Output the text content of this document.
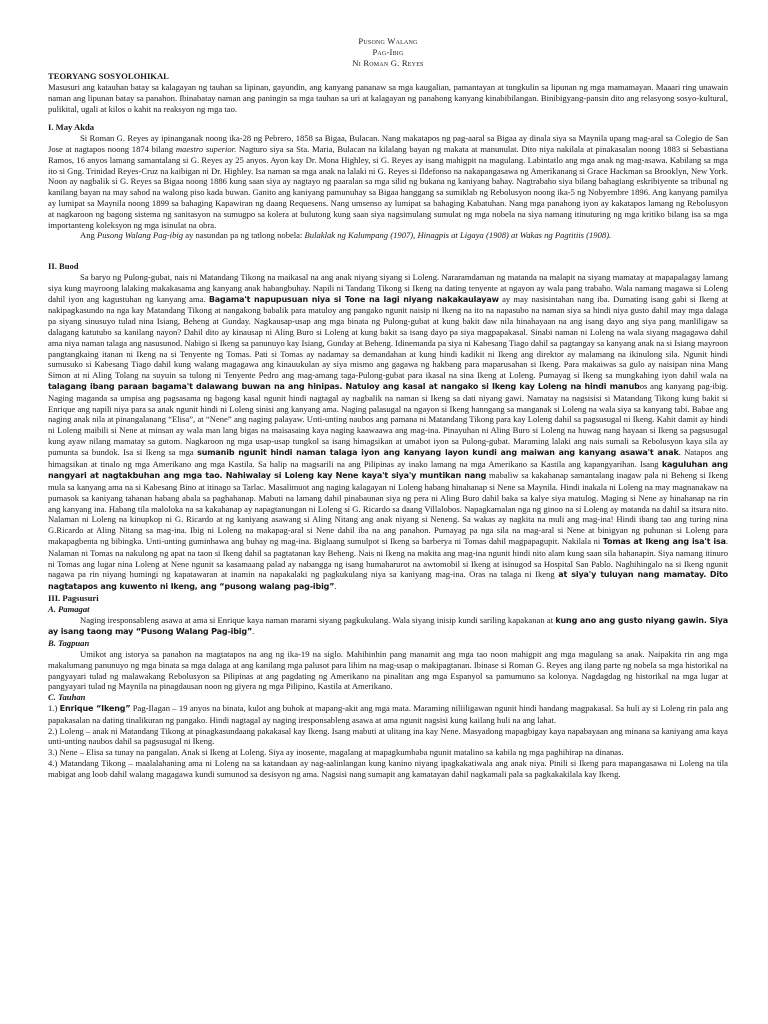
Pusong Walang
Pag-Ibig
Ni Roman G. Reyes
TEORYANG SOSYOLOHIKAL

Masusuri ang katauhan batay sa kalagayan ng tauhan sa lipinan, gayundin, ang kanyang pananaw sa mga kaugalian, pamantayan at tungkulin sa lipunan ng mga mamamayan. Maaari ring unawain naman ang lipunan batay sa panahon. Ibinabatay naman ang paningin sa mga tauhan sa uri at kalagayan ng panahong kanyang kinabibilangan. Binibigyang-pansin dito ang relasyong sosyo-kultural, pulikital, ugali at kilos o kahit na reaksyon ng mga tao.

I. May Akda

Si Roman G. Reyes ay ipinanganak noong ika-28 ng Pebrero, 1858 sa Bigaa, Bulacan. Nang makatapos ng pag-aaral sa Bigaa ay dinala siya sa Maynila upang mag-aral sa Colegio de San Jose at nagtapos noong 1874 bilang maestro superior. Nagturo siya sa Sta. Maria, Bulacan na kilalang bayan ng makata at manunulat. Dito niya nakilala at pinakasalan noong 1883 si Sebastiana Ramos, 16 anyos lamang samantalang si G. Reyes ay 25 anyos. Ayon kay Dr. Mona Highley, si G. Reyes ay isang mahigpit na magulang. Labintatlo ang mga anak ng mag-asawa. Kabilang sa mga ito si Gng. Trinidad Reyes-Cruz na kaibigan ni Dr. Highley. Isa naman sa mga anak na lalaki ni G. Reyes si Ildefonso na nakapangasawa ng Amerikanang si Grace Hackman sa Brooklyn, New York. Noon ay nagbalik si G. Reyes sa Bigaa noong 1886 kung saan siya ay nagtayo ng paaralan sa mga silid ng bukana ng kaniyang bahay. Nagtrabaho siya bilang bahagiang eskribiyente sa tribunal ng kanilang bayan na may sahod na walong piso kada buwan. Ganito ang kaniyang pamunuhay sa Bigaa hanggang sa sumiklab ng Rebolusyon noong ika-5 ng Nobyembre 1896. Ang kanyang pamilya ay lumipat sa Maynila noong 1899 sa bahaging Kapawiran ng daang Requesens. Nang umsenso ay lumipat sa bahaging Kabatuhan. Nang mga panahong iyon ay kakatapos lamang ng Rebolusyon at nagkaroon ng bagong sistema ng sanitasyon na sumugpo sa kolera at bulutong kung saan siya nagsimulang sumulat ng mga nobela na siya namang itinuturing ng mga kritiko bilang isa sa mga importanteng koleksyon ng mga isinulat na obra.

Ang Pusong Walang Pag-ibig ay nasundan pa ng tatlong nobela: Bulaklak ng Kalumpang (1907), Hinagpis at Ligaya (1908) at Wakas ng Pagtitiis (1908).

II. Buod

Sa baryo ng Pulong-gubat, nais ni Matandang Tikong na maikasal na ang anak niyang siyang si Loleng. Nararamdaman ng matanda na malapit na siyang mamatay at mapapalagay lamang siya kung mayroong lalaking makakasama ang kanyang anak habangbuhay. Napili ni Tandang Tikong si Ikeng na dating tenyente at ngayon ay wala pang trabaho. Wala namang magawa si Loleng dahil iyon ang kagustuhan ng kanyang ama. Bagama't napupusuan niya si Tone na lagi niyang nakakaulayaw ay may nasisintahan nang iba. Dumating isang gabi si Ikeng at nakipagkasundo na nga kay Matandang Tikong at nangakong babalik para matuloy ang pangako ngunit naisip ni Ikeng na ito na napasubo na naman siya sa hindi niya gusto dahil may mga dalaga pa siyang sinusuyo tulad nina Isiang, Beheng at Gunday. Nagkausap-usap ang mga binata ng Pulong-gubat at kung bakit daw nila hinahayaan na ang isang dayo ang siya pang manliligaw sa dalagang katutubo sa kanilang nayon? Dahil dito ay kinausap ni Aling Buro si Loleng at kung bakit sa isang dayo pa siya magpapakasal. Sinabi naman ni Loleng na wala siyang magagawa dahil ama niya naman talaga ang nasusunod. Nabigo si Ikeng sa panunuyo kay Isiang, Gunday at Beheng. Idinemanda pa siya ni Kabesang Tiago dahil sa pagtangay sa kanyang anak na si Isiang mayroon pangtangkaing itanan ni Ikeng na si Tenyente ng Tomas. Pati si Tomas ay nadamay sa demandahan at kung hindi kadikit ni Ikeng ang direktor ay malamang na ikinulong sila. Ngunit hindi sumusuko si Kabesang Tiago dahil kung walang magagawa ang kinauukulan ay siya mismo ang gagawa ng hakbang para maparusahan si Ikeng. Para makaiwas sa gulo ay naisipan nina Mang Simon at ni Aling Tolang na suyuin sa tulong ni Tenyente Pedro ang mag-amang taga-Pulong-gubat para ikasal na sina Ikeng at Loleng. Pumayag si Ikeng sa mungkahing iyon dahil wala na talagang ibang paraan bagama't dalawang buwan na ang hinipas. Natuloy ang kasal at nangako si Ikeng kay Loleng na hindi manubos ang kanyang pag-ibig. Naging maganda sa umpisa ang pagsasama ng bagong kasal ngunit hindi nagtagal ay nagbalik na naman si Ikeng sa dati niyang gawi. Namatay na nagsisisi si Matandang Tikong kung bakit si Enrique ang napili niya para sa anak ngunit hindi ni Loleng sinisi ang kanyang ama. Naging palasugal na ngayon si Ikeng hanngang sa manganak si Loleng na wala siya sa kanyang tabi. Babae ang naging anak nila at pinangalanang “Elisa”, at “Nene” ang naging palayaw. Unti-unting naubos ang pamana ni Matandang Tikong para kay Loleng dahil sa pagsusugal ni Ikeng. Kahit damit ay hindi ni Loleng maibili si Nene at minsan ay wala man lang bigas na maisasaing kaya naging kaawaawa ang mag-ina. Pinayuhan ni Aling Buro si Loleng na huwag nang hayaan si Ikeng sa pagsusugal kung ayaw nilang mamatay sa gutom. Nagkaroon ng mga usap-usap tungkol sa isang himagsikan at umabot iyon sa Pulong-gubat. Maraming lalaki ang nais sumali sa Rebolusyon kaya sila ay pumunta sa bundok. Isa si Ikeng sa mga sumanib ngunit hindi naman talaga iyon ang kanyang layon kundi ang maiwan ang kanyang asawa't anak. Natapos ang himagsikan at tinalo ng mga Amerikano ang mga Kastila. Sa halip na magsarili na ang Pilipinas ay inako lamang na mga Amerikano sa Kastila ang kapangyarihan. Isang kaguluhan ang nangyari at nagtakbuhan ang mga tao. Nahiwalay si Loleng kay Nene kaya't siya'y muntikan nang mabaliw sa kakahanap samantalang inagaw pala ni Beheng si Ikeng mula sa kanyang ama na si Kabesang Bino at itinago sa Tarlac. Masalimuot ang naging kalagayan ni Loleng habang hinahanap si Nene sa Maynila. Hindi inakala ni Loleng na may magnanakaw na pumasok sa kaniyang tahanan habang abala sa paghahanap. Mabuti na lamang dahil pinabaunan siya ng pera ni Aling Buro dahil baka sa kalye siya matulog. Maging si Nene ay hinahanap na rin ang kanyang ina. Habang tila maloloka na sa kakahanap ay napagtanungan ni Loleng si G. Ricardo sa daang Villalobos. Napagkamalan nga ng ginoo na si Loleng ay matanda na dahil sa itsura nito. Nalaman ni Loleng na kinupkop ni G. Ricardo at ng kaniyang asawang si Aling Nitang ang anak niyang si Neneng. Sa wakas ay nagkita na muli ang mag-ina! Hindi ibang tao ang turing nina G.Ricardo at Aling Nitang sa mag-ina. Ibig ni Loleng na makapag-aral si Nene dahil iba na ang panahon. Pumayag pa nga sila na mag-aral si Nene at binigyan ng puhunan si Loleng para makapagbenta ng bibingka. Unti-unting guminhawa ang buhay ng mag-ina. Biglaang sumulpot si Ikeng sa barberya ni Tomas dahil magpapagupit. Nakilala ni Tomas at Ikeng ang isa't isa. Nalaman ni Tomas na nakulong ng apat na taon si Ikeng dahil sa pagtatanan kay Beheng. Nais ni Ikeng na makita ang mag-ina ngunit hindi nito alam kung saan sila hahanapin. Siya namang itinuro ni Tomas ang lugar nina Loleng at Nene ngunit sa kasamaang palad ay nabangga ng isang humaharurot na awtomobil si Ikeng at isinugod sa Hospital San Pablo. Naghihingalo na si Ikeng ngunit nagawa pa rin niyang humingi ng kapatawaran at inamin na napakalaki ng pagkukulang niya sa kaniyang mag-ina. Oras na talaga ni Ikeng at siya'y tuluyan nang mamatay. Dito nagtatapos ang kuwento ni Ikeng, ang “pusong walang pag-ibig”.

III. Pagsusuri
A. Pamagat

Naging iresponsableng asawa at ama si Enrique kaya naman marami siyang pagkukulang. Wala siyang inisip kundi sariling kapakanan at kung ano ang gusto niyang gawin. Siya ay isang taong may “Pusong Walang Pag-ibig”.

B. Tagpuan

Umikot ang istorya sa panahon na magtatapos na ang ng ika-19 na siglo. Mahihinhin pang manamit ang mga tao noon mahigpit ang mga magulang sa anak. Naipakita rin ang mga makalumang panunuyo ng mga binata sa mga dalaga at ang kanilang mga palusot para lihim na mag-usap o makipagtanan. Ibinase si Roman G. Reyes ang ilang parte ng nobela sa mga historikal na pangyayari tulad ng malawakang Rebolusyon sa Pilipinas at ang pagdating ng Amerikano na pinalitan ang mga Espanyol sa pamumuno sa kolonya. Nagdagdag ng historikal na mga lugar at pangyayari tulad ng Maynila na pinagdausan noon ng giyera ng mga Pilipino, Kastila at Amerikano.

C. Tauhan

1.) Enrique “Ikeng” Pag-Ilagan – 19 anyos na binata, kulot ang buhok at mapang-akit ang mga mata. Maraming niliiligawan ngunit hindi handang magpakasal. Sa huli ay si Loleng rin pala ang papakasalan na dating tinalikuran ng pangako. Hindi nagtagal ay naging iresponsableng asawa at ama ngunit nagsisi kung kailang huli na ang lahat.

2.) Loleng – anak ni Matandang Tikong at pinagkasundaang pakakasal kay Ikeng. Isang mabuti at ulitang ina kay Nene. Masyadong mapagbigay kaya napabayaan ang minana sa kaniyang ama kaya unti-unting naubos dahil sa pagsusugal ni Ikeng.

3.) Nene – Elisa sa tunay na pangalan. Anak si Ikeng at Loleng. Siya ay inosente, magalang at mapagkumbaba ngunit matalino sa kabila ng mga paghihirap na dinanas.

4.) Matandang Tikong – maalalahaning ama ni Loleng na sa katandaan ay nag-aalinlangan kung kanino niyang ipagkakatiwala ang anak niya. Pinili si Ikeng para mapangasawa ni Loleng na tila mabigat ang loob dahil walang magagawa kundi sumunod sa desisyon ng ama. Nagsisi nang sumapit ang kamatayan dahil nagkamali pala sa pagkakakilala kay Ikeng.
